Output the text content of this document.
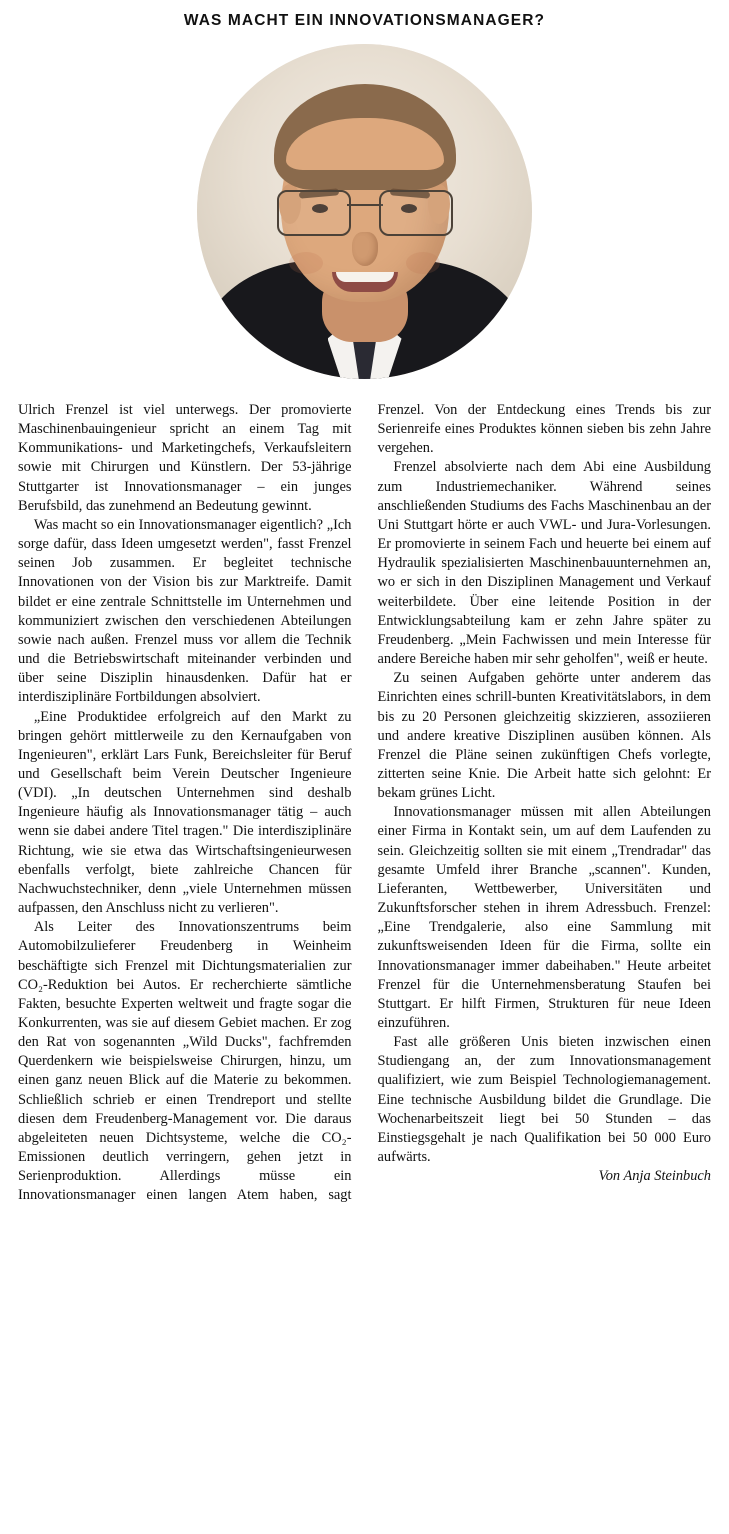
WAS MACHT EIN INNOVATIONSMANAGER?

Ulrich Frenzel ist viel unterwegs. Der promovierte Maschinenbauingenieur spricht an einem Tag mit Kommunikations- und Marketingchefs, Verkaufsleitern sowie mit Chirurgen und Künstlern. Der 53-jährige Stuttgarter ist Innovationsmanager – ein junges Berufsbild, das zunehmend an Bedeutung gewinnt.

Was macht so ein Innovationsmanager eigentlich? „Ich sorge dafür, dass Ideen umgesetzt werden", fasst Frenzel seinen Job zusammen. Er begleitet technische Innovationen von der Vision bis zur Marktreife. Damit bildet er eine zentrale Schnittstelle im Unternehmen und kommuniziert zwischen den verschiedenen Abteilungen sowie nach außen. Frenzel muss vor allem die Technik und die Betriebswirtschaft miteinander verbinden und über seine Disziplin hinausdenken. Dafür hat er interdisziplinäre Fortbildungen absolviert.

„Eine Produktidee erfolgreich auf den Markt zu bringen gehört mittlerweile zu den Kernaufgaben von Ingenieuren", erklärt Lars Funk, Bereichsleiter für Beruf und Gesellschaft beim Verein Deutscher Ingenieure (VDI). „In deutschen Unternehmen sind deshalb Ingenieure häufig als Innovationsmanager tätig – auch wenn sie dabei andere Titel tragen." Die interdisziplinäre Richtung, wie sie etwa das Wirtschaftsingenieurwesen ebenfalls verfolgt, biete zahlreiche Chancen für Nachwuchstechniker, denn „viele Unternehmen müssen aufpassen, den Anschluss nicht zu verlieren".

Als Leiter des Innovationszentrums beim Automobilzulieferer Freudenberg in Weinheim beschäftigte sich Frenzel mit Dichtungsmaterialien zur CO₂-Reduktion bei Autos. Er recherchierte sämtliche Fakten, besuchte Experten weltweit und fragte sogar die Konkurrenten, was sie auf diesem Gebiet machen. Er zog den Rat von sogenannten „Wild Ducks", fachfremden Querdenkern wie beispielsweise Chirurgen, hinzu, um einen ganz neuen Blick auf die Materie zu bekommen. Schließlich schrieb er einen Trendreport und stellte diesen dem Freudenberg-Management vor. Die daraus abgeleiteten neuen Dichtsysteme, welche die CO₂-Emissionen deutlich verringern, gehen jetzt in Serienproduktion. Allerdings müsse ein Innovationsmanager einen langen Atem haben, sagt Frenzel. Von der Entdeckung eines Trends bis zur Serienreife eines Produktes können sieben bis zehn Jahre vergehen.

Frenzel absolvierte nach dem Abi eine Ausbildung zum Industriemechaniker. Während seines anschließenden Studiums des Fachs Maschinenbau an der Uni Stuttgart hörte er auch VWL- und Jura-Vorlesungen. Er promovierte in seinem Fach und heuerte bei einem auf Hydraulik spezialisierten Maschinenbauunternehmen an, wo er sich in den Disziplinen Management und Verkauf weiterbildete. Über eine leitende Position in der Entwicklungsabteilung kam er zehn Jahre später zu Freudenberg. „Mein Fachwissen und mein Interesse für andere Bereiche haben mir sehr geholfen", weiß er heute.

Zu seinen Aufgaben gehörte unter anderem das Einrichten eines schrill-bunten Kreativitätslabors, in dem bis zu 20 Personen gleichzeitig skizzieren, assoziieren und andere kreative Disziplinen ausüben können. Als Frenzel die Pläne seinen zukünftigen Chefs vorlegte, zitterten seine Knie. Die Arbeit hatte sich gelohnt: Er bekam grünes Licht.

Innovationsmanager müssen mit allen Abteilungen einer Firma in Kontakt sein, um auf dem Laufenden zu sein. Gleichzeitig sollten sie mit einem „Trendradar" das gesamte Umfeld ihrer Branche „scannen". Kunden, Lieferanten, Wettbewerber, Universitäten und Zukunftsforscher stehen in ihrem Adressbuch. Frenzel: „Eine Trendgalerie, also eine Sammlung mit zukunftsweisenden Ideen für die Firma, sollte ein Innovationsmanager immer dabeihaben." Heute arbeitet Frenzel für die Unternehmensberatung Staufen bei Stuttgart. Er hilft Firmen, Strukturen für neue Ideen einzuführen.

Fast alle größeren Unis bieten inzwischen einen Studiengang an, der zum Innovationsmanagement qualifiziert, wie zum Beispiel Technologiemanagement. Eine technische Ausbildung bildet die Grundlage. Die Wochenarbeitszeit liegt bei 50 Stunden – das Einstiegsgehalt je nach Qualifikation bei 50 000 Euro aufwärts.

Von Anja Steinbuch
